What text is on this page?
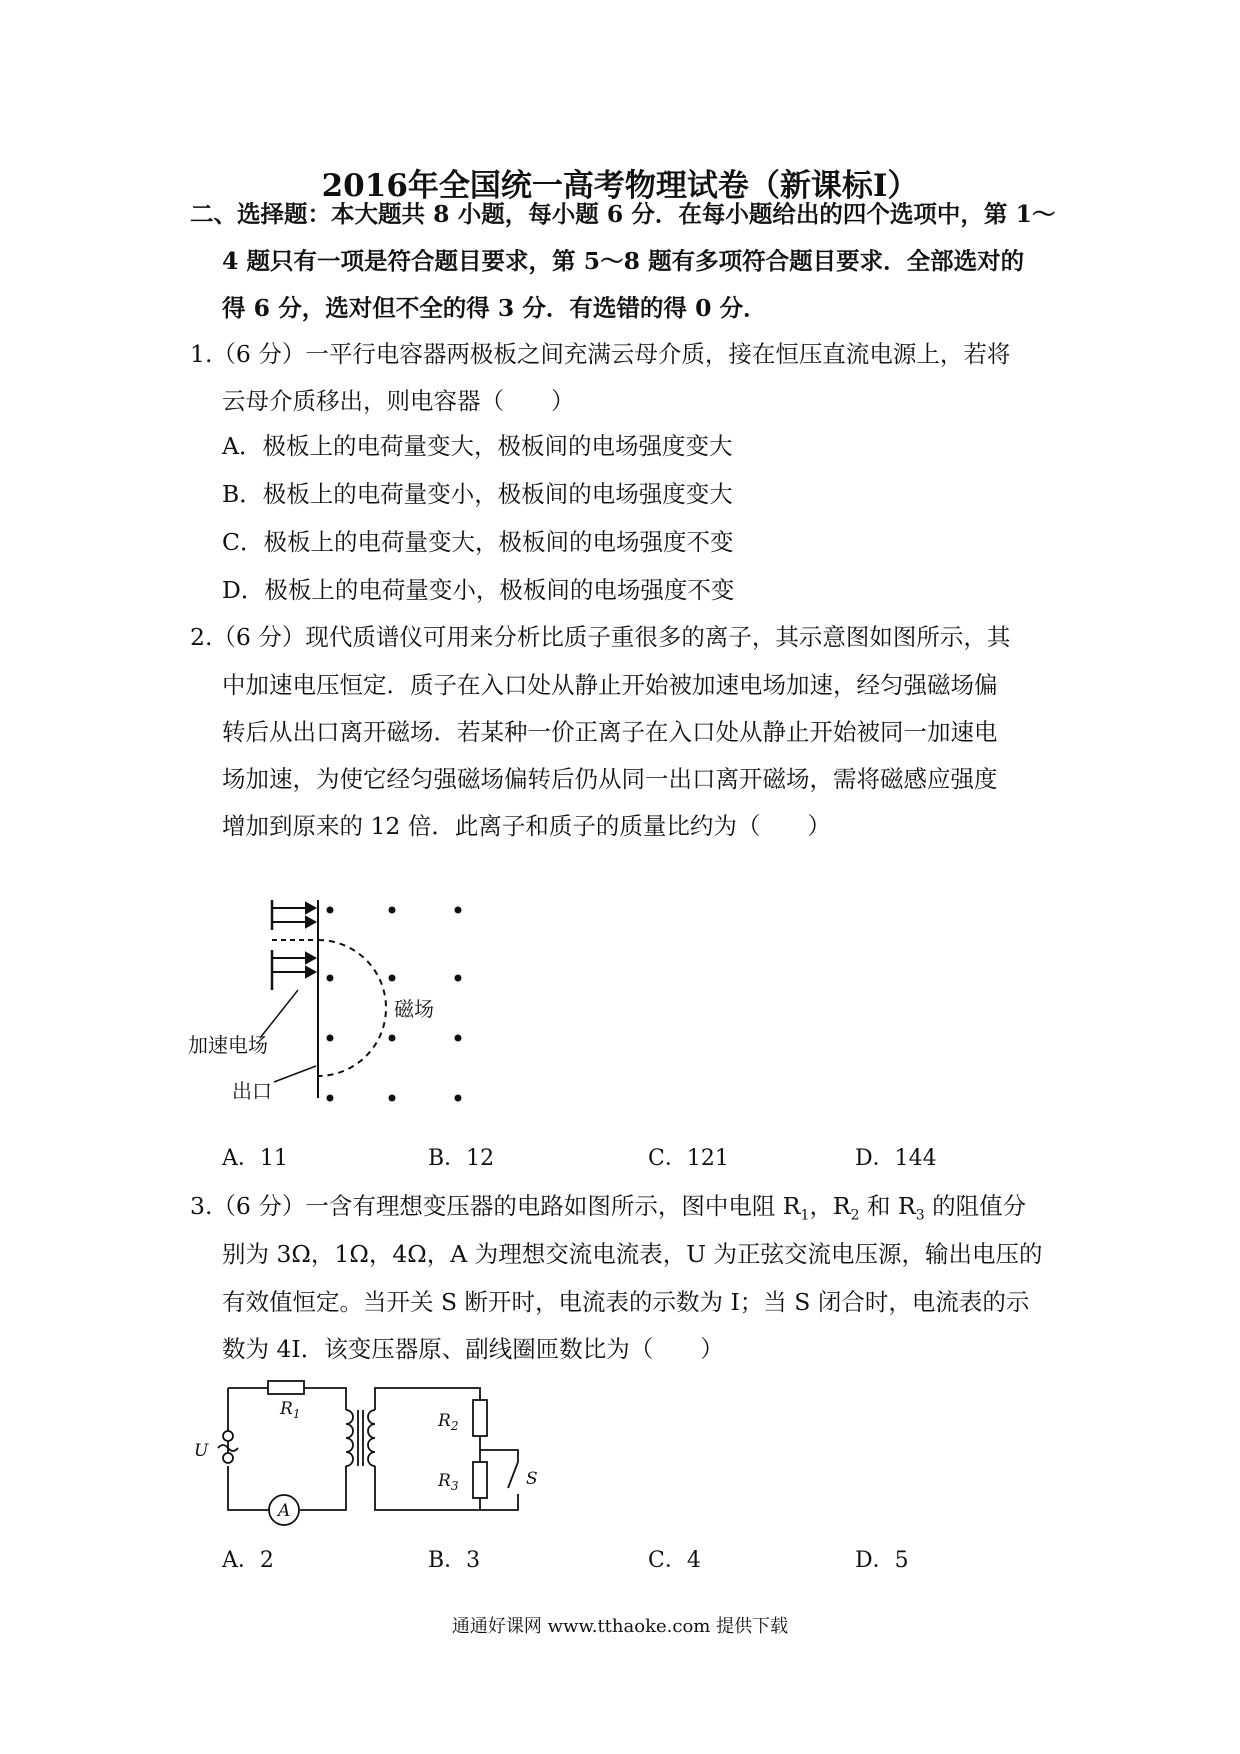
2016年全国统一高考物理试卷（新课标Ⅰ）
二、选择题：本大题共 8 小题，每小题 6 分．在每小题给出的四个选项中，第 1～
4 题只有一项是符合题目要求，第 5～8 题有多项符合题目要求．全部选对的
得 6 分，选对但不全的得 3 分．有选错的得 0 分．
1.（6 分）一平行电容器两极板之间充满云母介质，接在恒压直流电源上，若将
云母介质移出，则电容器（　　）
A．极板上的电荷量变大，极板间的电场强度变大
B．极板上的电荷量变小，极板间的电场强度变大
C．极板上的电荷量变大，极板间的电场强度不变
D．极板上的电荷量变小，极板间的电场强度不变
2.（6 分）现代质谱仪可用来分析比质子重很多的离子，其示意图如图所示，其
中加速电压恒定．质子在入口处从静止开始被加速电场加速，经匀强磁场偏
转后从出口离开磁场．若某种一价正离子在入口处从静止开始被同一加速电
场加速，为使它经匀强磁场偏转后仍从同一出口离开磁场，需将磁感应强度
增加到原来的 12 倍．此离子和质子的质量比约为（　　）
磁场
加速电场
出口
A．11	B．12	C．121	D．144
3.（6 分）一含有理想变压器的电路如图所示，图中电阻 $R_1$，$R_2$ 和 $R_3$ 的阻值分
别为 3Ω，1Ω，4Ω，A 为理想交流电流表，U 为正弦交流电压源，输出电压的
有效值恒定。当开关 S 断开时，电流表的示数为 I；当 S 闭合时，电流表的示
数为 4I．该变压器原、副线圈匝数比为（　　）
$R_1$	$R_2$
$R_3$
U
S
A
A．2	B．3	C．4	D．5
通通好课网 www.tthaoke.com 提供下载
